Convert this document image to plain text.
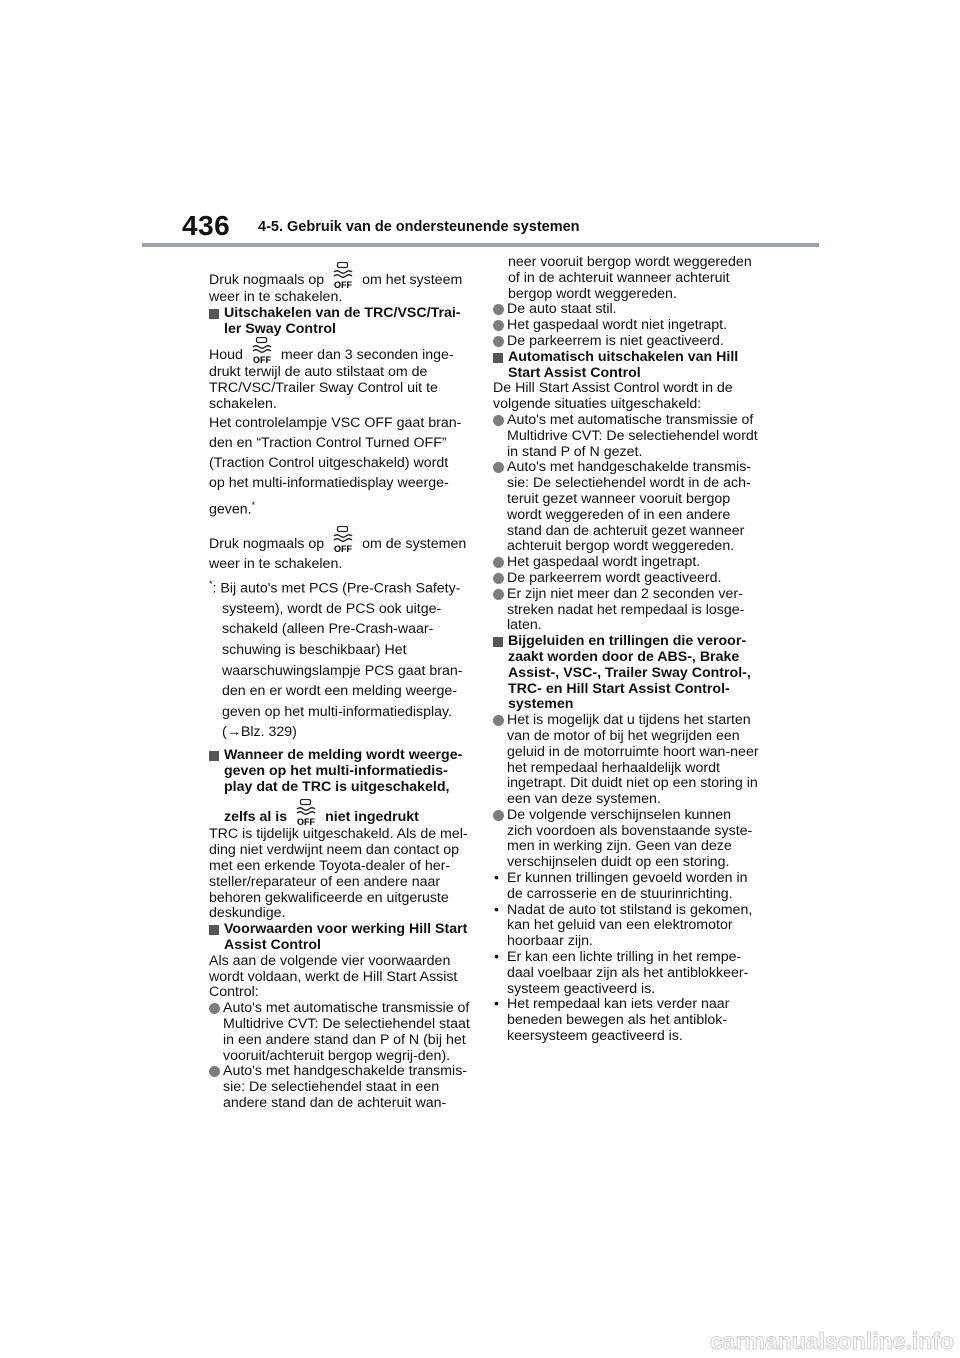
436 4-5. Gebruik van de ondersteunende systemen

Druk nogmaals op OFF om het systeem weer in te schakelen.

Uitschakelen van de TRC/VSC/Trai-ler Sway Control

Houd OFF meer dan 3 seconden inge-drukt terwijl de auto stilstaat om de TRC/VSC/Trailer Sway Control uit te schakelen.

Het controlelampje VSC OFF gaat bran-
den en “Traction Control Turned OFF”
(Traction Control uitgeschakeld) wordt
op het multi-informatiedisplay weerge-
geven.*
Druk nogmaals op OFF om de systemen
weer in te schakelen.
*: Bij auto's met PCS (Pre-Crash Safety-
systeem), wordt de PCS ook uitge-
schakeld (alleen Pre-Crash-waar-
schuwing is beschikbaar) Het
waarschuwingslampje PCS gaat bran-
den en er wordt een melding weerge-
geven op het multi-informatiedisplay.
(→Blz. 329)
Wanneer de melding wordt weerge-geven op het multi-informatiedis-play dat de TRC is uitgeschakeld,
zelfs al is OFF niet ingedrukt

TRC is tijdelijk uitgeschakeld. Als de mel-ding niet verdwijnt neem dan contact op met een erkende Toyota-dealer of her-steller/reparateur of een andere naar behoren gekwalificeerde en uitgeruste deskundige.

Voorwaarden voor werking Hill Start Assist Control

Als aan de volgende vier voorwaarden wordt voldaan, werkt de Hill Start Assist Control:

Auto's met automatische transmissie of Multidrive CVT: De selectiehendel staat in een andere stand dan P of N (bij het vooruit/achteruit bergop wegrij-den).
Auto's met handgeschakelde transmis-sie: De selectiehendel staat in een andere stand dan de achteruit wan-

neer vooruit bergop wordt weggereden of in de achteruit wanneer achteruit bergop wordt weggereden.

De auto staat stil.
Het gaspedaal wordt niet ingetrapt.
De parkeerrem is niet geactiveerd.
Automatisch uitschakelen van Hill Start Assist Control

De Hill Start Assist Control wordt in de volgende situaties uitgeschakeld:

Auto's met automatische transmissie of Multidrive CVT: De selectiehendel wordt in stand P of N gezet.
Auto's met handgeschakelde transmis-sie: De selectiehendel wordt in de ach-teruit gezet wanneer vooruit bergop wordt weggereden of in een andere stand dan de achteruit gezet wanneer achteruit bergop wordt weggereden.
Het gaspedaal wordt ingetrapt.
De parkeerrem wordt geactiveerd.
Er zijn niet meer dan 2 seconden ver-streken nadat het rempedaal is losge-laten.
Bijgeluiden en trillingen die veroor-zaakt worden door de ABS-, Brake Assist-, VSC-, Trailer Sway Control-, TRC- en Hill Start Assist Control-systemen
Het is mogelijk dat u tijdens het starten van de motor of bij het wegrijden een geluid in de motorruimte hoort wan-neer het rempedaal herhaaldelijk wordt ingetrapt. Dit duidt niet op een storing in een van deze systemen.
De volgende verschijnselen kunnen zich voordoen als bovenstaande syste-men in werking zijn. Geen van deze verschijnselen duidt op een storing.
• Er kunnen trillingen gevoeld worden in de carrosserie en de stuurinrichting.
• Nadat de auto tot stilstand is gekomen, kan het geluid van een elektromotor hoorbaar zijn.
• Er kan een lichte trilling in het rempe-daal voelbaar zijn als het antiblokkeer-systeem geactiveerd is.
• Het rempedaal kan iets verder naar beneden bewegen als het antiblok-keersysteem geactiveerd is.
carmanualsonline.info
